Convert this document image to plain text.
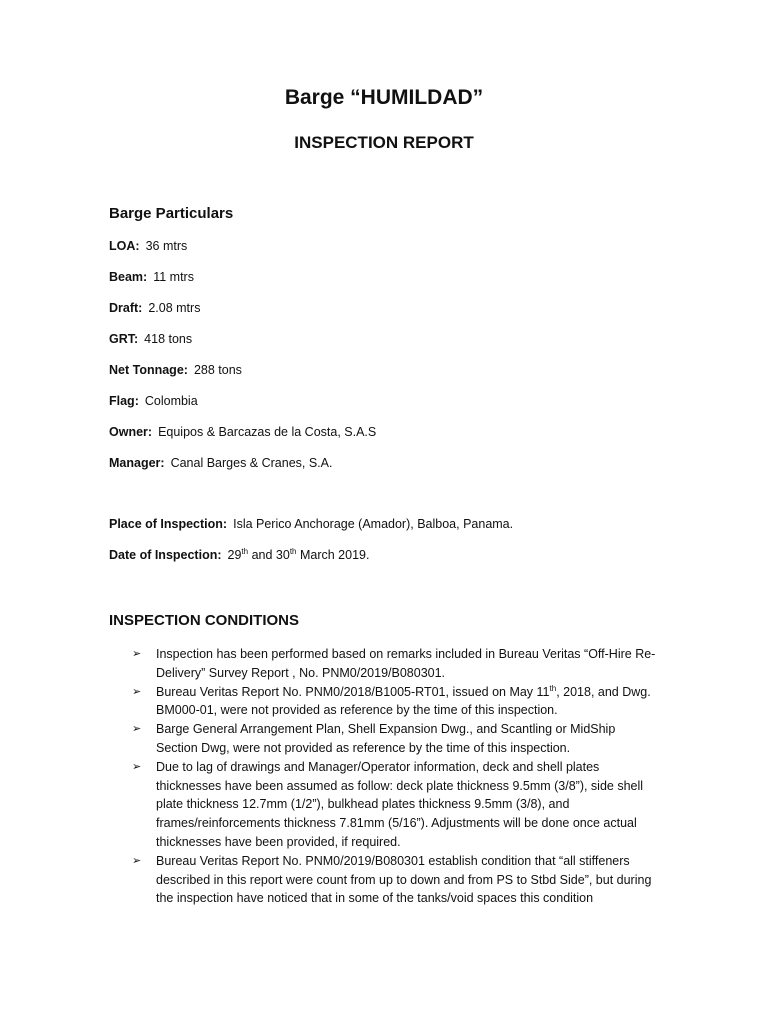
Barge “HUMILDAD”
INSPECTION REPORT
Barge Particulars
LOA: 36 mtrs
Beam: 11 mtrs
Draft: 2.08 mtrs
GRT: 418 tons
Net Tonnage: 288 tons
Flag: Colombia
Owner: Equipos & Barcazas de la Costa, S.A.S
Manager: Canal Barges & Cranes, S.A.
Place of Inspection: Isla Perico Anchorage (Amador), Balboa, Panama.
Date of Inspection: 29th and 30th March 2019.
INSPECTION CONDITIONS
➢ Inspection has been performed based on remarks included in Bureau Veritas “Off-Hire Re-Delivery” Survey Report , No. PNM0/2019/B080301.
➢ Bureau Veritas Report No. PNM0/2018/B1005-RT01, issued on May 11th, 2018, and Dwg. BM000-01, were not provided as reference by the time of this inspection.
➢ Barge General Arrangement Plan, Shell Expansion Dwg., and Scantling or MidShip Section Dwg, were not provided as reference by the time of this inspection.
➢ Due to lag of drawings and Manager/Operator information, deck and shell plates thicknesses have been assumed as follow: deck plate thickness 9.5mm (3/8”), side shell plate thickness 12.7mm (1/2”), bulkhead plates thickness 9.5mm (3/8), and frames/reinforcements thickness 7.81mm (5/16”). Adjustments will be done once actual thicknesses have been provided, if required.
➢ Bureau Veritas Report No. PNM0/2019/B080301 establish condition that “all stiffeners described in this report were count from up to down and from PS to Stbd Side”, but during the inspection have noticed that in some of the tanks/void spaces this condition
